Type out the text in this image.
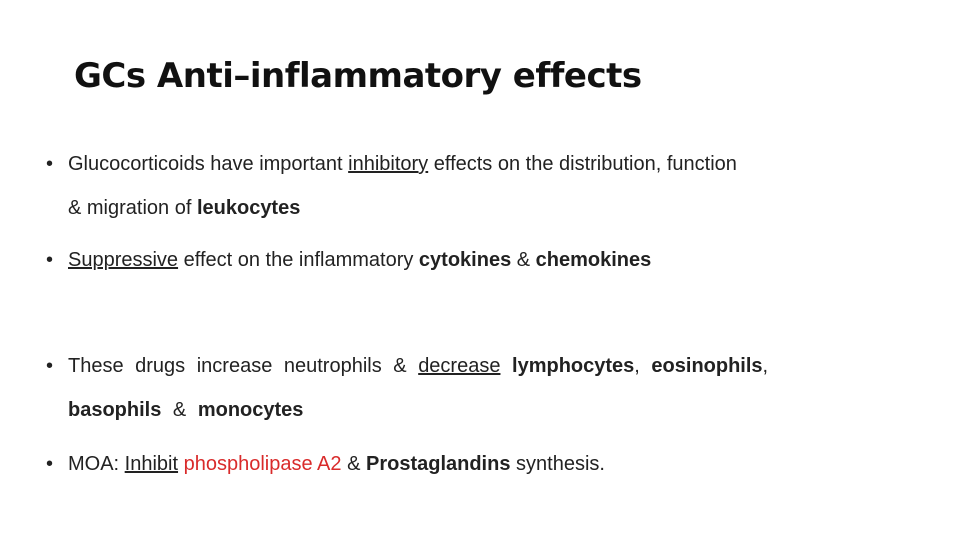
GCs Anti–inflammatory effects
• Glucocorticoids have important inhibitory effects on the distribution, function
& migration of leukocytes
• Suppressive effect on the inflammatory cytokines & chemokines
• These drugs increase neutrophils & decrease lymphocytes, eosinophils,
basophils & monocytes
• MOA: Inhibit phospholipase A2 & Prostaglandins synthesis.
